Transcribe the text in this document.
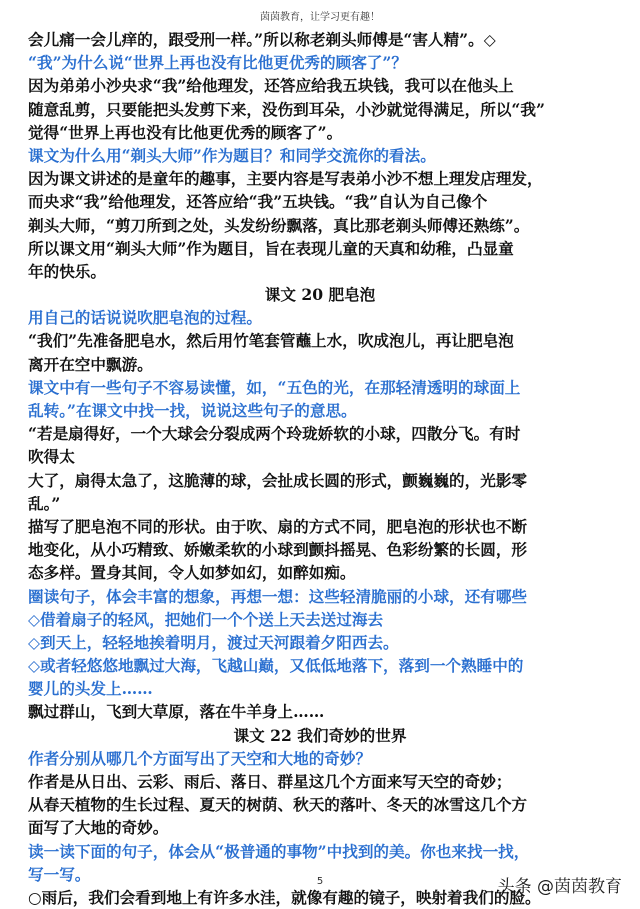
茵茵教育，让学习更有趣！
会儿痛一会儿痒的，跟受刑一样。”所以称老剃头师傅是“害人精”。◇
“我”为什么说“世界上再也没有比他更优秀的顾客了”？
因为弟弟小沙央求“我”给他理发，还答应给我五块钱，我可以在他头上
随意乱剪，只要能把头发剪下来，没伤到耳朵，小沙就觉得满足，所以“我”
觉得“世界上再也没有比他更优秀的顾客了”。
课文为什么用“剃头大师”作为题目？和同学交流你的看法。
因为课文讲述的是童年的趣事，主要内容是写表弟小沙不想上理发店理发，
而央求“我”给他理发，还答应给“我”五块钱。“我”自认为自己像个
剃头大师，“剪刀所到之处，头发纷纷飘落，真比那老剃头师傅还熟练”。
所以课文用“剃头大师”作为题目，旨在表现儿童的天真和幼稚，凸显童
年的快乐。
课文 20 肥皂泡
用自己的话说说吹肥皂泡的过程。
“我们”先准备肥皂水，然后用竹笔套管蘸上水，吹成泡儿，再让肥皂泡
离开在空中飘游。
课文中有一些句子不容易读懂，如，“五色的光，在那轻清透明的球面上
乱转。”在课文中找一找，说说这些句子的意思。
“若是扇得好，一个大球会分裂成两个玲珑娇软的小球，四散分飞。有时
吹得太
大了，扇得太急了，这脆薄的球，会扯成长圆的形式，颤巍巍的，光影零
乱。”
描写了肥皂泡不同的形状。由于吹、扇的方式不同，肥皂泡的形状也不断
地变化，从小巧精致、娇嫩柔软的小球到颤抖摇晃、色彩纷繁的长圆，形
态多样。置身其间，令人如梦如幻，如醉如痴。
圈读句子，体会丰富的想象，再想一想：这些轻清脆丽的小球，还有哪些
◇借着扇子的轻风，把她们一个个送上天去送过海去
◇到天上，轻轻地挨着明月，渡过天河跟着夕阳西去。
◇或者轻悠悠地飘过大海，飞越山巅，又低低地落下，落到一个熟睡中的
婴儿的头发上……
飘过群山，飞到大草原，落在牛羊身上……
课文 22 我们奇妙的世界
作者分别从哪几个方面写出了天空和大地的奇妙？
作者是从日出、云彩、雨后、落日、群星这几个方面来写天空的奇妙；
从春天植物的生长过程、夏天的树荫、秋天的落叶、冬天的冰雪这几个方
面写了大地的奇妙。
读一读下面的句子，体会从“极普通的事物”中找到的美。你也来找一找，
写一写。
○雨后，我们会看到地上有许多水洼，就像有趣的镜子，映射着我们的脸。
5	头条 @茵茵教育
